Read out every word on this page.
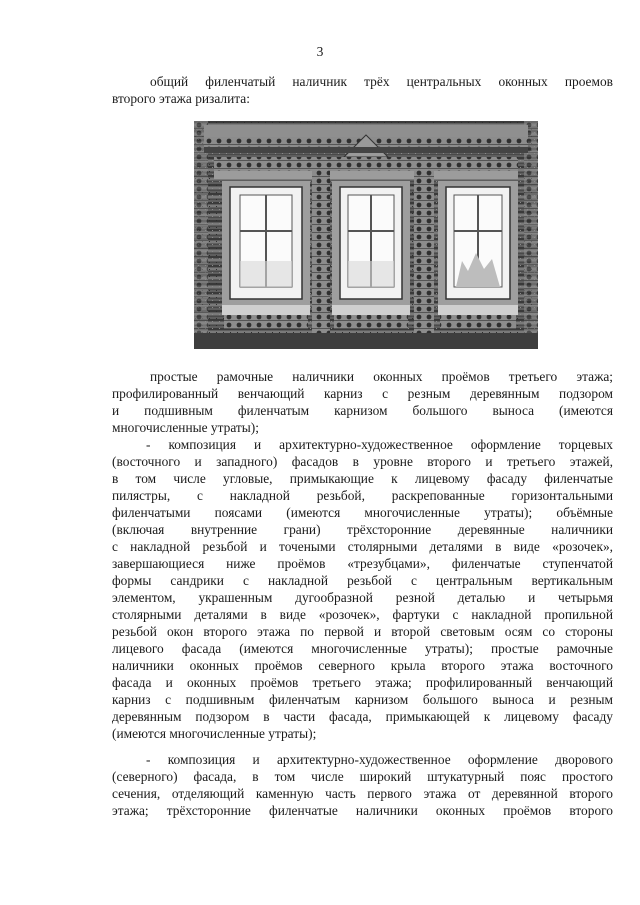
3
общий филенчатый наличник трёх центральных оконных проемов
второго этажа ризалита:
простые рамочные наличники оконных проёмов третьего этажа;
профилированный венчающий карниз с резным деревянным подзором
и подшивным филенчатым карнизом большого выноса (имеются
многочисленные утраты);
- композиция и архитектурно-художественное оформление торцевых
(восточного и западного) фасадов в уровне второго и третьего этажей,
в том числе угловые, примыкающие к лицевому фасаду филенчатые
пилястры, с накладной резьбой, раскрепованные горизонтальными
филенчатыми поясами (имеются многочисленные утраты); объёмные
(включая внутренние грани) трёхсторонние деревянные наличники
с накладной резьбой и точеными столярными деталями в виде «розочек»,
завершающиеся ниже проёмов «трезубцами», филенчатые ступенчатой
формы сандрики с накладной резьбой с центральным вертикальным
элементом, украшенным дугообразной резной деталью и четырьмя
столярными деталями в виде «розочек», фартуки с накладной пропильной
резьбой окон второго этажа по первой и второй световым осям со стороны
лицевого фасада (имеются многочисленные утраты); простые рамочные
наличники оконных проёмов северного крыла второго этажа восточного
фасада и оконных проёмов третьего этажа; профилированный венчающий
карниз с подшивным филенчатым карнизом большого выноса и резным
деревянным подзором в части фасада, примыкающей к лицевому фасаду
(имеются многочисленные утраты);
- композиция и архитектурно-художественное оформление дворового
(северного) фасада, в том числе широкий штукатурный пояс простого
сечения, отделяющий каменную часть первого этажа от деревянной второго
этажа; трёхсторонние филенчатые наличники оконных проёмов второго
